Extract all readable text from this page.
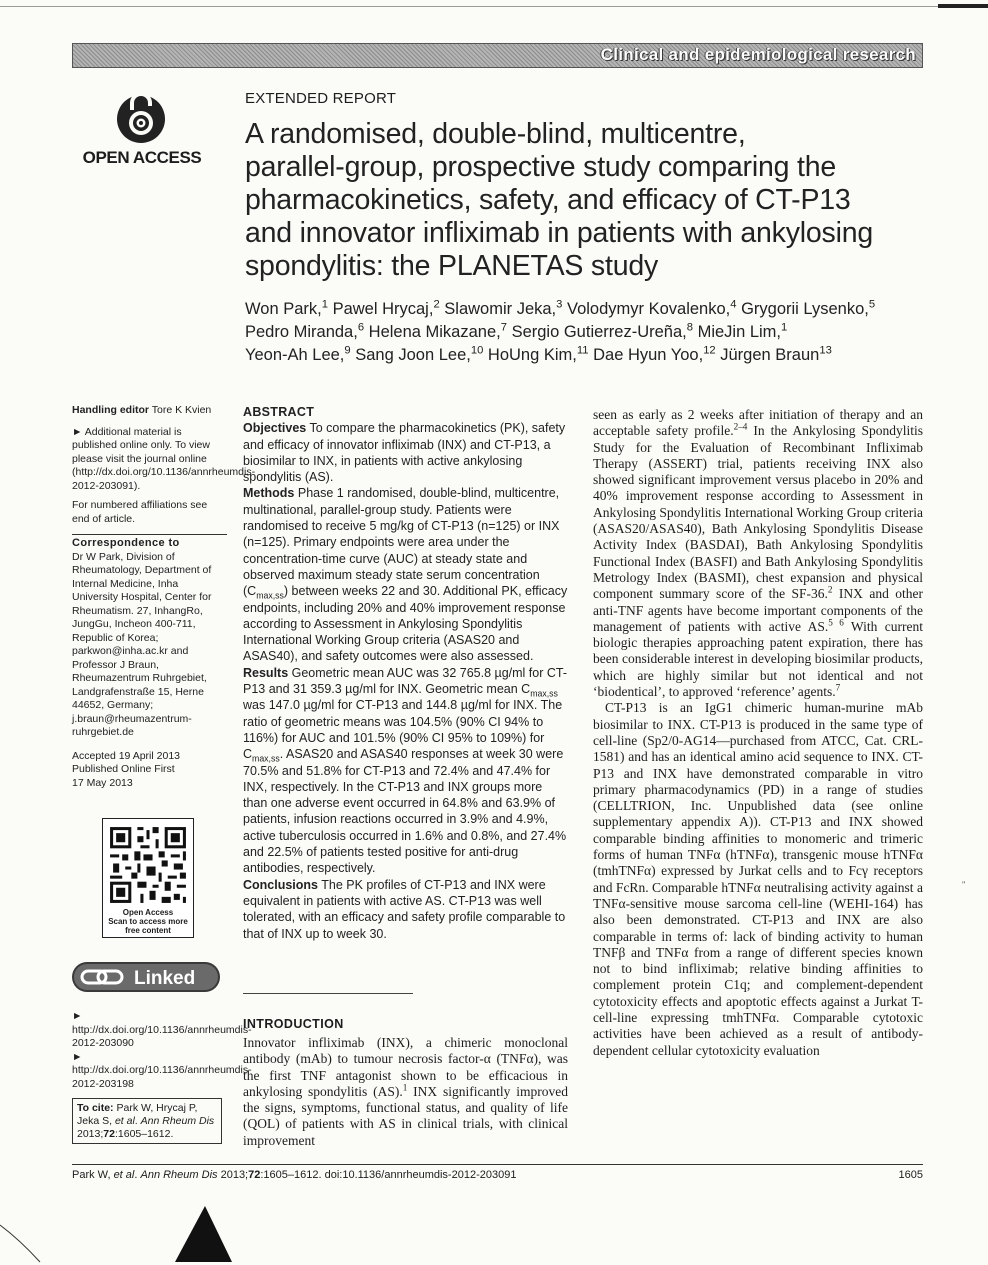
Clinical and epidemiological research
OPEN ACCESS
EXTENDED REPORT
A randomised, double-blind, multicentre,
parallel-group, prospective study comparing the
pharmacokinetics, safety, and efficacy of CT-P13
and innovator infliximab in patients with ankylosing
spondylitis: the PLANETAS study
Won Park,$^1$ Pawel Hrycaj,$^2$ Slawomir Jeka,$^3$ Volodymyr Kovalenko,$^4$ Grygorii Lysenko,$^5$
Pedro Miranda,$^6$ Helena Mikazane,$^7$ Sergio Gutierrez-Ureña,$^8$ MieJin Lim,$^1$
Yeon-Ah Lee,$^9$ Sang Joon Lee,$^{10}$ HoUng Kim,$^{11}$ Dae Hyun Yoo,$^{12}$ Jürgen Braun$^{13}$

Handling editor Tore K Kvien

► Additional material is published online only. To view please visit the journal online (http://dx.doi.org/10.1136/annrheumdis-2012-203091).

For numbered affiliations see end of article.

Correspondence to

Dr W Park, Division of Rheumatology, Department of Internal Medicine, Inha University Hospital, Center for Rheumatism. 27, InhangRo, JungGu, Incheon 400-711, Republic of Korea; parkwon@inha.ac.kr and Professor J Braun, Rheumazentrum Ruhrgebiet, Landgrafenstraße 15, Herne 44652, Germany; j.braun@rheumazentrum-ruhrgebiet.de

Accepted 19 April 2013

Published Online First

17 May 2013

Open Access
Scan to access more
free content
Linked

► http://dx.doi.org/10.1136/annrheumdis-2012-203090

► http://dx.doi.org/10.1136/annrheumdis-2012-203198

To cite: Park W, Hrycaj P, Jeka S, et al. Ann Rheum Dis 2013;72:1605–1612.

ABSTRACT

Objectives To compare the pharmacokinetics (PK), safety and efficacy of innovator infliximab (INX) and CT-P13, a biosimilar to INX, in patients with active ankylosing spondylitis (AS).

Methods Phase 1 randomised, double-blind, multicentre, multinational, parallel-group study. Patients were randomised to receive 5 mg/kg of CT-P13 (n=125) or INX (n=125). Primary endpoints were area under the concentration-time curve (AUC) at steady state and observed maximum steady state serum concentration $(C_{max,ss})$ between weeks 22 and 30. Additional PK, efficacy endpoints, including 20% and 40% improvement response according to Assessment in Ankylosing Spondylitis International Working Group criteria (ASAS20 and ASAS40), and safety outcomes were also assessed.

Results Geometric mean AUC was 32 765.8 µg/ml for CT-P13 and 31 359.3 µg/ml for INX. Geometric mean $C_{max,ss}$ was 147.0 µg/ml for CT-P13 and 144.8 µg/ml for INX. The ratio of geometric means was 104.5% (90% CI 94% to 116%) for AUC and 101.5% (90% CI 95% to 109%) for $C_{max,ss}$. ASAS20 and ASAS40 responses at week 30 were 70.5% and 51.8% for CT-P13 and 72.4% and 47.4% for INX, respectively. In the CT-P13 and INX groups more than one adverse event occurred in 64.8% and 63.9% of patients, infusion reactions occurred in 3.9% and 4.9%, active tuberculosis occurred in 1.6% and 0.8%, and 27.4% and 22.5% of patients tested positive for anti-drug antibodies, respectively.

Conclusions The PK profiles of CT-P13 and INX were equivalent in patients with active AS. CT-P13 was well tolerated, with an efficacy and safety profile comparable to that of INX up to week 30.

INTRODUCTION

Innovator infliximab (INX), a chimeric monoclonal antibody (mAb) to tumour necrosis factor-α (TNFα), was the first TNF antagonist shown to be efficacious in ankylosing spondylitis (AS).$^1$ INX significantly improved the signs, symptoms, functional status, and quality of life (QOL) of patients with AS in clinical trials, with clinical improvement

seen as early as 2 weeks after initiation of therapy and an acceptable safety profile.$^{2-4}$ In the Ankylosing Spondylitis Study for the Evaluation of Recombinant Infliximab Therapy (ASSERT) trial, patients receiving INX also showed significant improvement versus placebo in 20% and 40% improvement response according to Assessment in Ankylosing Spondylitis International Working Group criteria (ASAS20/ASAS40), Bath Ankylosing Spondylitis Disease Activity Index (BASDAI), Bath Ankylosing Spondylitis Functional Index (BASFI) and Bath Ankylosing Spondylitis Metrology Index (BASMI), chest expansion and physical component summary score of the SF-36.$^2$ INX and other anti-TNF agents have become important components of the management of patients with active AS.$^{5 6}$ With current biologic therapies approaching patent expiration, there has been considerable interest in developing biosimilar products, which are highly similar but not identical and not ‘biodentical’, to approved ‘reference’ agents.$^7$

CT-P13 is an IgG1 chimeric human-murine mAb biosimilar to INX. CT-P13 is produced in the same type of cell-line (Sp2/0-AG14—purchased from ATCC, Cat. CRL-1581) and has an identical amino acid sequence to INX. CT-P13 and INX have demonstrated comparable in vitro primary pharmacodynamics (PD) in a range of studies (CELLTRION, Inc. Unpublished data (see online supplementary appendix A)). CT-P13 and INX showed comparable binding affinities to monomeric and trimeric forms of human TNFα (hTNFα), transgenic mouse hTNFα (tmhTNFα) expressed by Jurkat cells and to Fcγ receptors and FcRn. Comparable hTNFα neutralising activity against a TNFα-sensitive mouse sarcoma cell-line (WEHI-164) has also been demonstrated. CT-P13 and INX are also comparable in terms of: lack of binding activity to human TNFβ and TNFα from a range of different species known not to bind infliximab; relative binding affinities to complement protein C1q; and complement-dependent cytotoxicity effects and apoptotic effects against a Jurkat T-cell-line expressing tmhTNFα. Comparable cytotoxic activities have been achieved as a result of antibody-dependent cellular cytotoxicity evaluation

Park W, et al. Ann Rheum Dis 2013;72:1605–1612. doi:10.1136/annrheumdis-2012-203091	1605
"
